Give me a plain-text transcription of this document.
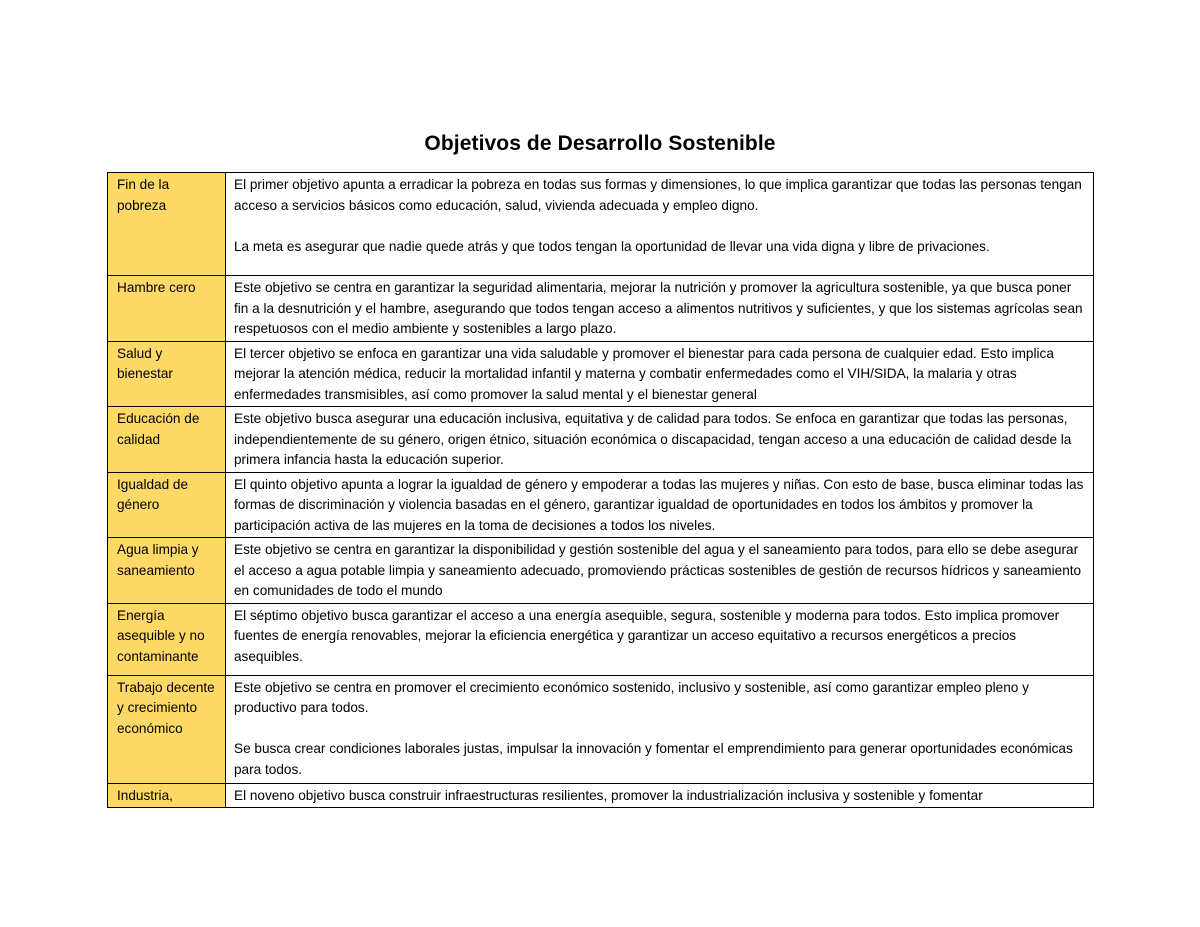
Objetivos de Desarrollo Sostenible
Fin de la pobreza	El primer objetivo apunta a erradicar la pobreza en todas sus formas y dimensiones, lo que implica garantizar que todas las personas tengan acceso a servicios básicos como educación, salud, vivienda adecuada y empleo digno.

La meta es asegurar que nadie quede atrás y que todos tengan la oportunidad de llevar una vida digna y libre de privaciones.

Hambre cero	Este objetivo se centra en garantizar la seguridad alimentaria, mejorar la nutrición y promover la agricultura sostenible, ya que busca poner fin a la desnutrición y el hambre, asegurando que todos tengan acceso a alimentos nutritivos y suficientes, y que los sistemas agrícolas sean respetuosos con el medio ambiente y sostenibles a largo plazo.

Salud y bienestar	El tercer objetivo se enfoca en garantizar una vida saludable y promover el bienestar para cada persona de cualquier edad. Esto implica mejorar la atención médica, reducir la mortalidad infantil y materna y combatir enfermedades como el VIH/SIDA, la malaria y otras enfermedades transmisibles, así como promover la salud mental y el bienestar general

Educación de calidad	Este objetivo busca asegurar una educación inclusiva, equitativa y de calidad para todos. Se enfoca en garantizar que todas las personas, independientemente de su género, origen étnico, situación económica o discapacidad, tengan acceso a una educación de calidad desde la primera infancia hasta la educación superior.

Igualdad de género	El quinto objetivo apunta a lograr la igualdad de género y empoderar a todas las mujeres y niñas. Con esto de base, busca eliminar todas las formas de discriminación y violencia basadas en el género, garantizar igualdad de oportunidades en todos los ámbitos y promover la participación activa de las mujeres en la toma de decisiones a todos los niveles.

Agua limpia y saneamiento	Este objetivo se centra en garantizar la disponibilidad y gestión sostenible del agua y el saneamiento para todos, para ello se debe asegurar el acceso a agua potable limpia y saneamiento adecuado, promoviendo prácticas sostenibles de gestión de recursos hídricos y saneamiento en comunidades de todo el mundo

Energía asequible y no contaminante	El séptimo objetivo busca garantizar el acceso a una energía asequible, segura, sostenible y moderna para todos. Esto implica promover fuentes de energía renovables, mejorar la eficiencia energética y garantizar un acceso equitativo a recursos energéticos a precios asequibles.

Trabajo decente y crecimiento económico	Este objetivo se centra en promover el crecimiento económico sostenido, inclusivo y sostenible, así como garantizar empleo pleno y productivo para todos.

Se busca crear condiciones laborales justas, impulsar la innovación y fomentar el emprendimiento para generar oportunidades económicas para todos.

Industria,	El noveno objetivo busca construir infraestructuras resilientes, promover la industrialización inclusiva y sostenible y fomentar
